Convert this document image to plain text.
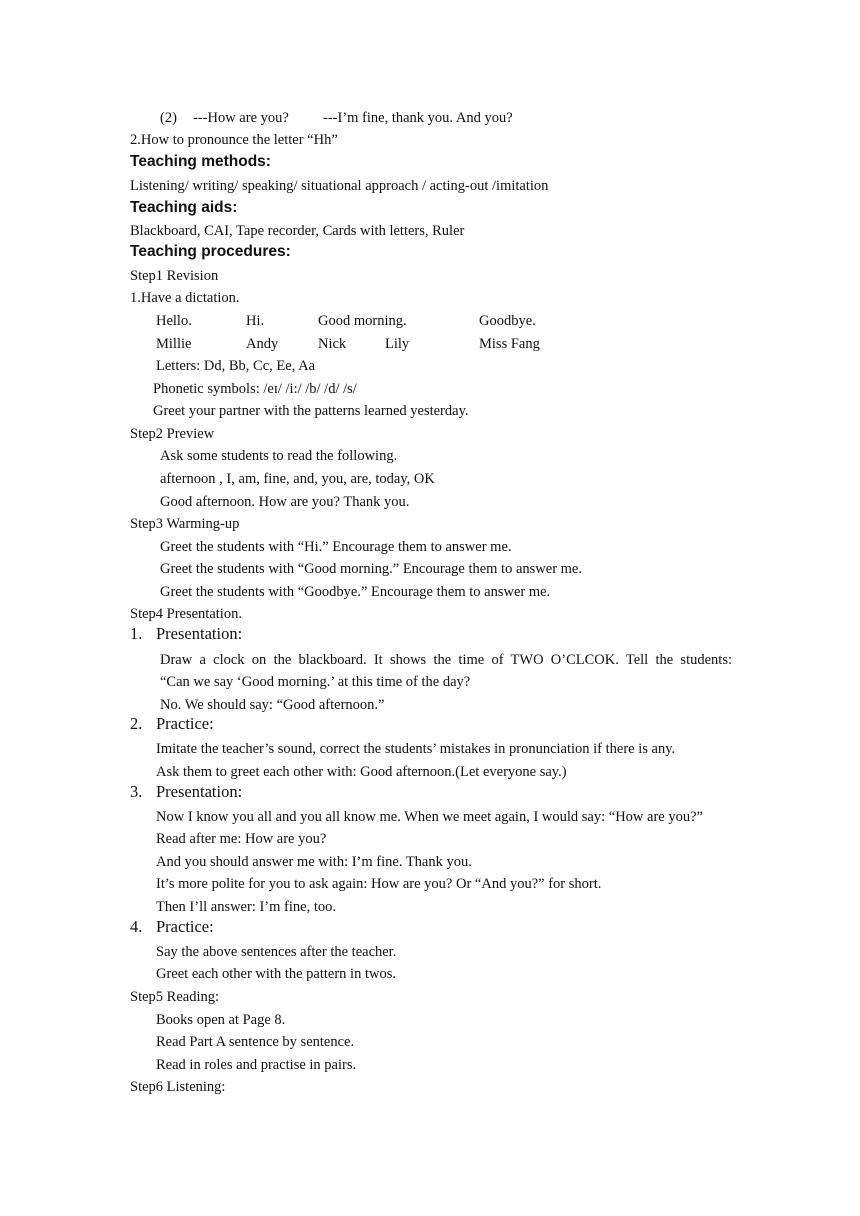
(2) ---How are you? ---I’m fine, thank you. And you?
2.How to pronounce the letter “Hh”
Teaching methods:
Listening/ writing/ speaking/ situational approach / acting-out /imitation
Teaching aids:
Blackboard, CAI, Tape recorder, Cards with letters, Ruler
Teaching procedures:
Step1 Revision
1.Have a dictation.
Hello.	Hi.	Good morning.	Goodbye.
Millie	Andy	Nick	Lily	Miss Fang
Letters: Dd, Bb, Cc, Ee, Aa
Phonetic symbols: /eɪ/ /i:/ /b/ /d/ /s/
Greet your partner with the patterns learned yesterday.
Step2 Preview
Ask some students to read the following.
afternoon , I, am, fine, and, you, are, today, OK
Good afternoon. How are you? Thank you.
Step3 Warming-up
Greet the students with “Hi.” Encourage them to answer me.
Greet the students with “Good morning.” Encourage them to answer me.
Greet the students with “Goodbye.” Encourage them to answer me.
Step4 Presentation.
1. Presentation:
Draw a clock on the blackboard. It shows the time of TWO O’CLCOK. Tell the students:
“Can we say ‘Good morning.’ at this time of the day?
No. We should say: “Good afternoon.”
2. Practice:
Imitate the teacher’s sound, correct the students’ mistakes in pronunciation if there is any.
Ask them to greet each other with: Good afternoon.(Let everyone say.)
3. Presentation:
Now I know you all and you all know me. When we meet again, I would say: “How are you?”
Read after me: How are you?
And you should answer me with: I’m fine. Thank you.
It’s more polite for you to ask again: How are you? Or “And you?” for short.
Then I’ll answer: I’m fine, too.
4. Practice:
Say the above sentences after the teacher.
Greet each other with the pattern in twos.
Step5 Reading:
Books open at Page 8.
Read Part A sentence by sentence.
Read in roles and practise in pairs.
Step6 Listening:
